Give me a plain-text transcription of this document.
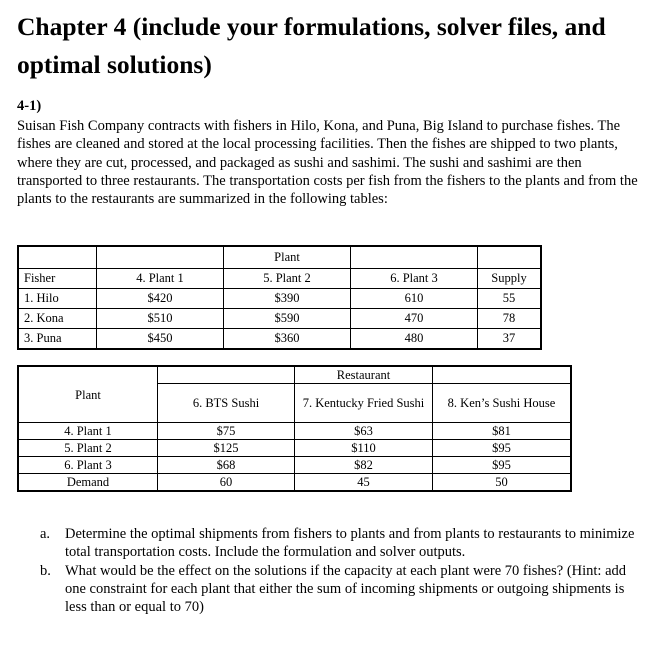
Chapter 4 (include your formulations, solver files, and optimal solutions)
4-1)

Suisan Fish Company contracts with fishers in Hilo, Kona, and Puna, Big Island to purchase fishes. The fishes are cleaned and stored at the local processing facilities. Then the fishes are shipped to two plants, where they are cut, processed, and packaged as sushi and sashimi. The sushi and sashimi are then transported to three restaurants. The transportation costs per fish from the fishers to the plants and from the plants to the restaurants are summarized in the following tables:

		Plant		
Fisher	4. Plant 1	5. Plant 2	6. Plant 3	Supply
1. Hilo	$420	$390	610	55
2. Kona	$510	$590	470	78
3. Puna	$450	$360	480	37
Plant		Restaurant	
	6. BTS Sushi	7. Kentucky Fried Sushi	8. Ken’s Sushi House
4. Plant 1	$75	$63	$81
5. Plant 2	$125	$110	$95
6. Plant 3	$68	$82	$95
Demand	60	45	50
a. Determine the optimal shipments from fishers to plants and from plants to restaurants to minimize total transportation costs. Include the formulation and solver outputs.
b. What would be the effect on the solutions if the capacity at each plant were 70 fishes? (Hint: add one constraint for each plant that either the sum of incoming shipments or outgoing shipments is less than or equal to 70)
